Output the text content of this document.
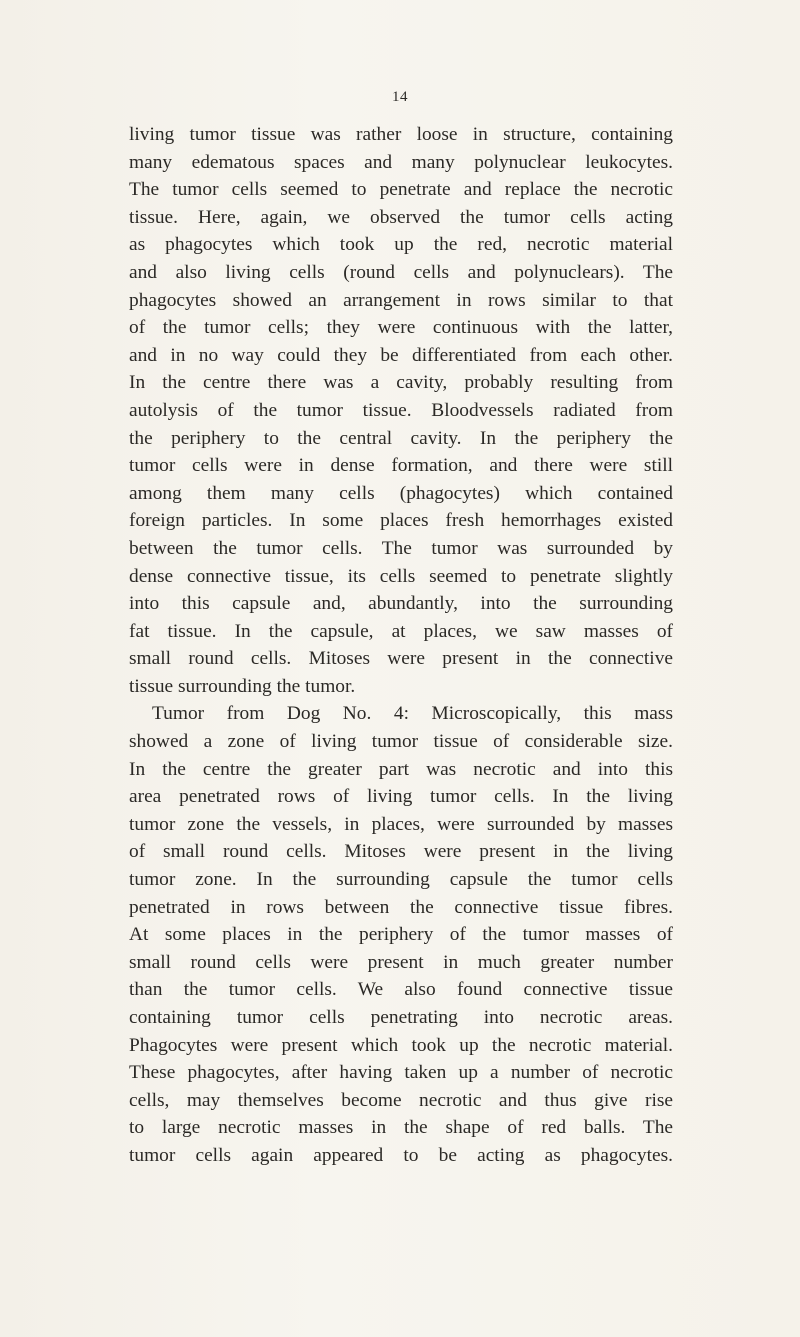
14
living tumor tissue was rather loose in structure, containing
many edematous spaces and many polynuclear leukocytes.
The tumor cells seemed to penetrate and replace the necrotic
tissue. Here, again, we observed the tumor cells acting
as phagocytes which took up the red, necrotic material
and also living cells (round cells and polynuclears). The
phagocytes showed an arrangement in rows similar to that
of the tumor cells; they were continuous with the latter,
and in no way could they be differentiated from each other.
In the centre there was a cavity, probably resulting from
autolysis of the tumor tissue. Bloodvessels radiated from
the periphery to the central cavity. In the periphery the
tumor cells were in dense formation, and there were still
among them many cells (phagocytes) which contained
foreign particles. In some places fresh hemorrhages existed
between the tumor cells. The tumor was surrounded by
dense connective tissue, its cells seemed to penetrate slightly
into this capsule and, abundantly, into the surrounding
fat tissue. In the capsule, at places, we saw masses of
small round cells. Mitoses were present in the connective
tissue surrounding the tumor.
Tumor from Dog No. 4: Microscopically, this mass
showed a zone of living tumor tissue of considerable size.
In the centre the greater part was necrotic and into this
area penetrated rows of living tumor cells. In the living
tumor zone the vessels, in places, were surrounded by masses
of small round cells. Mitoses were present in the living
tumor zone. In the surrounding capsule the tumor cells
penetrated in rows between the connective tissue fibres.
At some places in the periphery of the tumor masses of
small round cells were present in much greater number
than the tumor cells. We also found connective tissue
containing tumor cells penetrating into necrotic areas.
Phagocytes were present which took up the necrotic material.
These phagocytes, after having taken up a number of necrotic
cells, may themselves become necrotic and thus give rise
to large necrotic masses in the shape of red balls. The
tumor cells again appeared to be acting as phagocytes.
